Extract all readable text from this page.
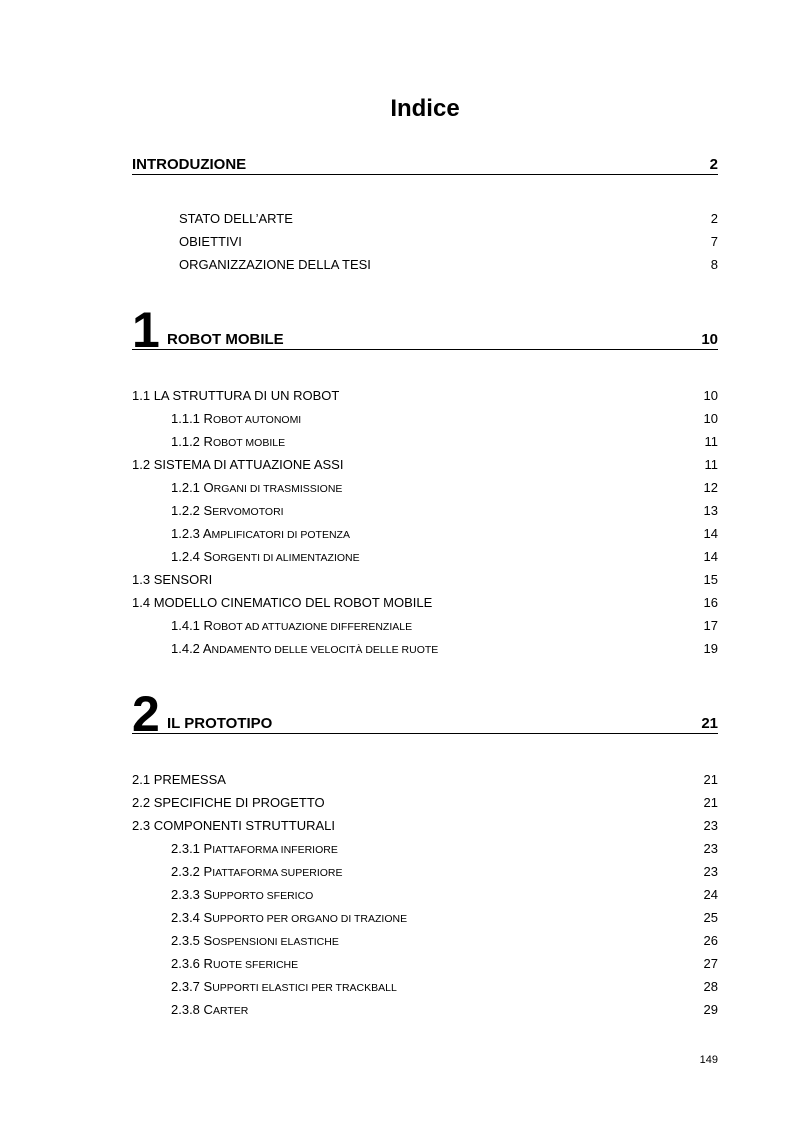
Indice
INTRODUZIONE	2
STATO DELL’ARTE	2
OBIETTIVI	7
ORGANIZZAZIONE DELLA TESI	8
1 ROBOT MOBILE	10
1.1 LA STRUTTURA DI UN ROBOT	10
1.1.1 ROBOT AUTONOMI	10
1.1.2 ROBOT MOBILE	11
1.2 SISTEMA DI ATTUAZIONE ASSI	11
1.2.1 ORGANI DI TRASMISSIONE	12
1.2.2 SERVOMOTORI	13
1.2.3 AMPLIFICATORI DI POTENZA	14
1.2.4 SORGENTI DI ALIMENTAZIONE	14
1.3 SENSORI	15
1.4 MODELLO CINEMATICO DEL ROBOT MOBILE	16
1.4.1 ROBOT AD ATTUAZIONE DIFFERENZIALE	17
1.4.2 ANDAMENTO DELLE VELOCITÀ DELLE RUOTE	19
2 IL PROTOTIPO	21
2.1 PREMESSA	21
2.2 SPECIFICHE DI PROGETTO	21
2.3 COMPONENTI STRUTTURALI	23
2.3.1 PIATTAFORMA INFERIORE	23
2.3.2 PIATTAFORMA SUPERIORE	23
2.3.3 SUPPORTO SFERICO	24
2.3.4 SUPPORTO PER ORGANO DI TRAZIONE	25
2.3.5 SOSPENSIONI ELASTICHE	26
2.3.6 RUOTE SFERICHE	27
2.3.7 SUPPORTI ELASTICI PER TRACKBALL	28
2.3.8 CARTER	29
149
